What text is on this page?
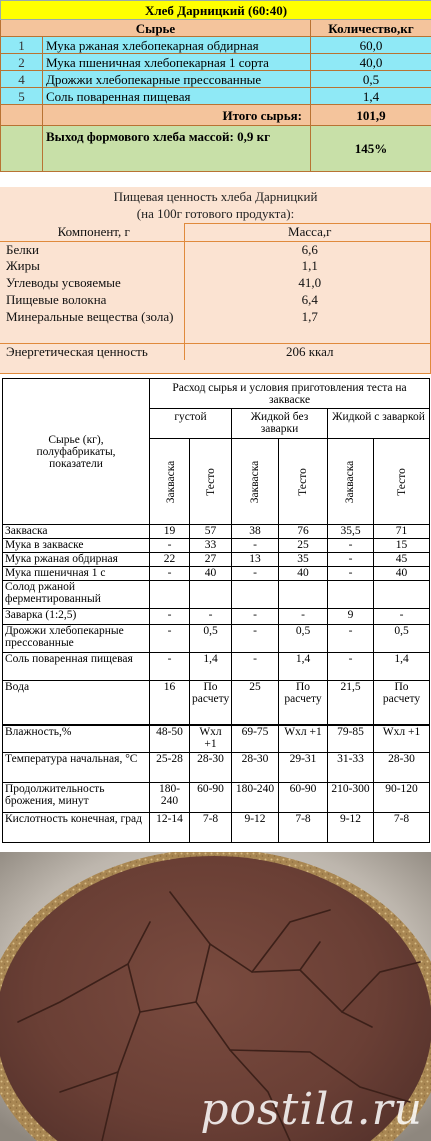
Хлеб Дарницкий (60:40)		
Сырье		Количество,кг
1	Мука ржаная хлебопекарная обдирная	60,0
2	Мука пшеничная хлебопекарная 1 сорта	40,0
4	Дрожжи хлебопекарные прессованные	0,5
5	Соль поваренная пищевая	1,4
	Итого сырья:	101,9
	Выход формового хлеба массой: 0,9 кг	145%
Пищевая ценность хлеба Дарницкий
(на 100г готового продукта):
Компонент, г	Масса,г
Белки	6,6
Жиры	1,1
Углеводы усвояемые	41,0
Пищевые волокна	6,4
Минеральные вещества (зола)	1,7
Энергетическая ценность	206 ккал
Сырье (кг), полуфабрикаты, показатели	Расход сырья и условия приготовления теста на закваске					
	густой		Жидкой без заварки		Жидкой с заваркой	
	Закваска	Тесто	Закваска	Тесто	Закваска	Тесто
Закваска	19	57	38	76	35,5	71
Мука в закваске	-	33	-	25	-	15
Мука ржаная обдирная	22	27	13	35	-	45
Мука пшеничная 1 с	-	40	-	40	-	40
Солод ржаной ферментированный						
Заварка (1:2,5)	-	-	-	-	9	-
Дрожжи хлебопекарные прессованные	-	0,5	-	0,5	-	0,5
Соль поваренная пищевая	-	1,4	-	1,4	-	1,4
Вода	16	По расчету	25	По расчету	21,5	По расчету
Влажность,%	48-50	Wхл +1	69-75	Wхл +1	79-85	Wхл +1
Температура начальная, °С	25-28	28-30	28-30	29-31	31-33	28-30
Продолжительность брожения, минут	180-240	60-90	180-240	60-90	210-300	90-120
Кислотность конечная, град	12-14	7-8	9-12	7-8	9-12	7-8
postila.ru
